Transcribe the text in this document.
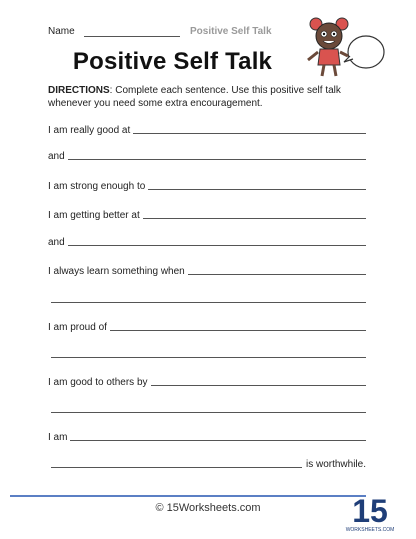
Name	Positive Self Talk
Positive Self Talk
DIRECTIONS: Complete each sentence. Use this positive self talk whenever you need some extra encouragement.
I am really good at
and
I am strong enough to
I am getting better at
and
I always learn something when
I am proud of
I am good to others by
I am
is worthwhile.
© 15Worksheets.com	15
WORKSHEETS.COM
